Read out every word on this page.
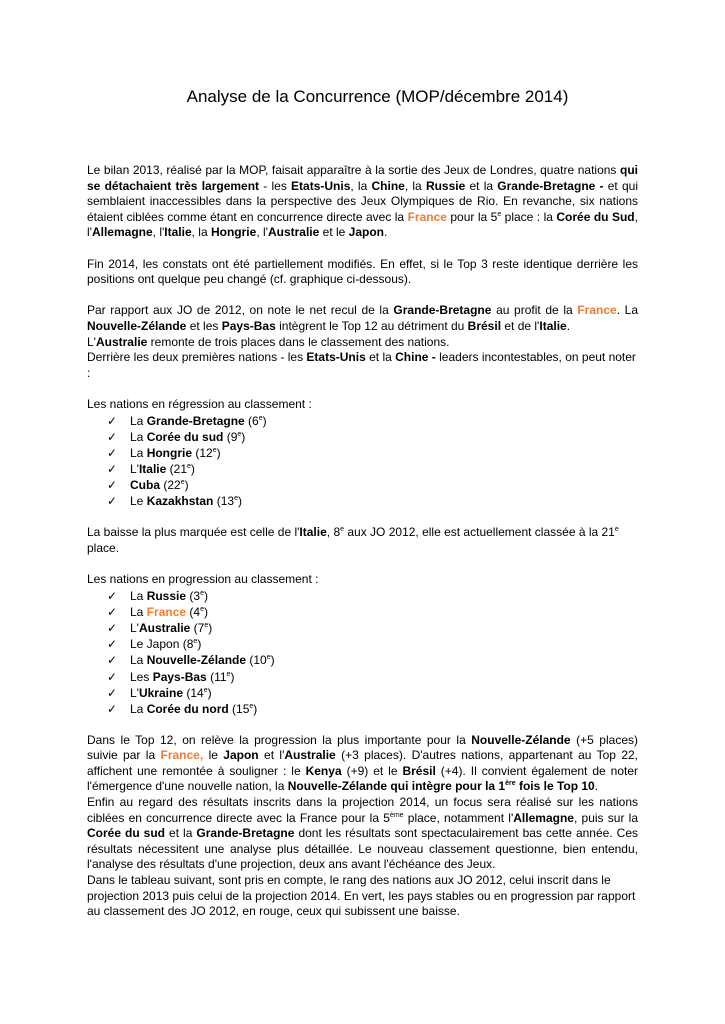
Analyse de la Concurrence (MOP/décembre 2014)

Le bilan 2013, réalisé par la MOP, faisait apparaître à la sortie des Jeux de Londres, quatre nations qui se détachaient très largement - les Etats-Unis, la Chine, la Russie et la Grande-Bretagne - et qui semblaient inaccessibles dans la perspective des Jeux Olympiques de Rio. En revanche, six nations étaient ciblées comme étant en concurrence directe avec la France pour la 5e place : la Corée du Sud, l'Allemagne, l'Italie, la Hongrie, l'Australie et le Japon.

Fin 2014, les constats ont été partiellement modifiés. En effet, si le Top 3 reste identique derrière les positions ont quelque peu changé (cf. graphique ci-dessous).

Par rapport aux JO de 2012, on note le net recul de la Grande-Bretagne au profit de la France. La Nouvelle-Zélande et les Pays-Bas intègrent le Top 12 au détriment du Brésil et de l'Italie.

L'Australie remonte de trois places dans le classement des nations.

Derrière les deux premières nations - les Etats-Unis et la Chine - leaders incontestables, on peut noter :

Les nations en régression au classement :

✓ La Grande-Bretagne (6e)
✓ La Corée du sud (9e)
✓ La Hongrie (12e)
✓ L'Italie (21e)
✓ Cuba (22e)
✓ Le Kazakhstan (13e)

La baisse la plus marquée est celle de l'Italie, 8e aux JO 2012, elle est actuellement classée à la 21e place.

Les nations en progression au classement :

✓ La Russie (3e)
✓ La France (4e)
✓ L'Australie (7e)
✓ Le Japon (8e)
✓ La Nouvelle-Zélande (10e)
✓ Les Pays-Bas (11e)
✓ L'Ukraine (14e)
✓ La Corée du nord (15e)

Dans le Top 12, on relève la progression la plus importante pour la Nouvelle-Zélande (+5 places) suivie par la France, le Japon et l'Australie (+3 places). D'autres nations, appartenant au Top 22, affichent une remontée à souligner : le Kenya (+9) et le Brésil (+4). Il convient également de noter l'émergence d'une nouvelle nation, la Nouvelle-Zélande qui intègre pour la 1ère fois le Top 10.

Enfin au regard des résultats inscrits dans la projection 2014, un focus sera réalisé sur les nations ciblées en concurrence directe avec la France pour la 5ème place, notamment l'Allemagne, puis sur la Corée du sud et la Grande-Bretagne dont les résultats sont spectaculairement bas cette année. Ces résultats nécessitent une analyse plus détaillée. Le nouveau classement questionne, bien entendu, l'analyse des résultats d'une projection, deux ans avant l'échéance des Jeux.

Dans le tableau suivant, sont pris en compte, le rang des nations aux JO 2012, celui inscrit dans le projection 2013 puis celui de la projection 2014. En vert, les pays stables ou en progression par rapport au classement des JO 2012, en rouge, ceux qui subissent une baisse.
